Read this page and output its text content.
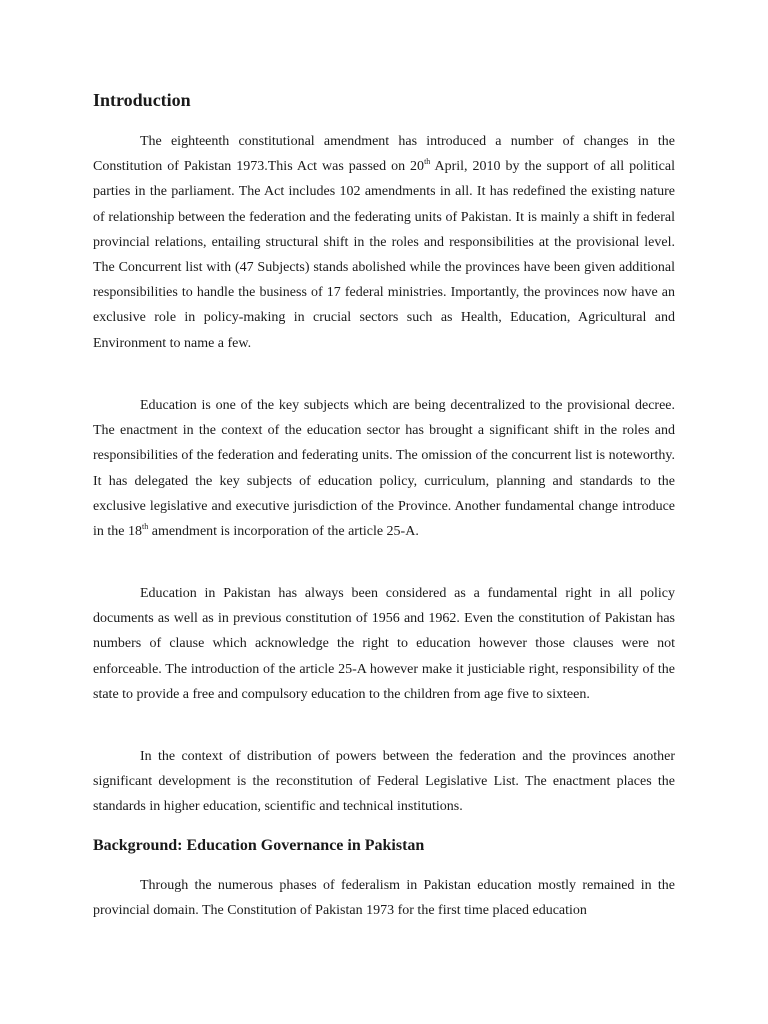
Introduction

The eighteenth constitutional amendment has introduced a number of changes in the Constitution of Pakistan 1973.This Act was passed on 20th April, 2010 by the support of all political parties in the parliament. The Act includes 102 amendments in all. It has redefined the existing nature of relationship between the federation and the federating units of Pakistan. It is mainly a shift in federal provincial relations, entailing structural shift in the roles and responsibilities at the provisional level. The Concurrent list with (47 Subjects) stands abolished while the provinces have been given additional responsibilities to handle the business of 17 federal ministries. Importantly, the provinces now have an exclusive role in policy-making in crucial sectors such as Health, Education, Agricultural and Environment to name a few.

Education is one of the key subjects which are being decentralized to the provisional decree. The enactment in the context of the education sector has brought a significant shift in the roles and responsibilities of the federation and federating units. The omission of the concurrent list is noteworthy. It has delegated the key subjects of education policy, curriculum, planning and standards to the exclusive legislative and executive jurisdiction of the Province. Another fundamental change introduce in the 18th amendment is incorporation of the article 25-A.

Education in Pakistan has always been considered as a fundamental right in all policy documents as well as in previous constitution of 1956 and 1962. Even the constitution of Pakistan has numbers of clause which acknowledge the right to education however those clauses were not enforceable. The introduction of the article 25-A however make it justiciable right, responsibility of the state to provide a free and compulsory education to the children from age five to sixteen.

In the context of distribution of powers between the federation and the provinces another significant development is the reconstitution of Federal Legislative List. The enactment places the standards in higher education, scientific and technical institutions.

Background: Education Governance in Pakistan

Through the numerous phases of federalism in Pakistan education mostly remained in the provincial domain. The Constitution of Pakistan 1973 for the first time placed education
